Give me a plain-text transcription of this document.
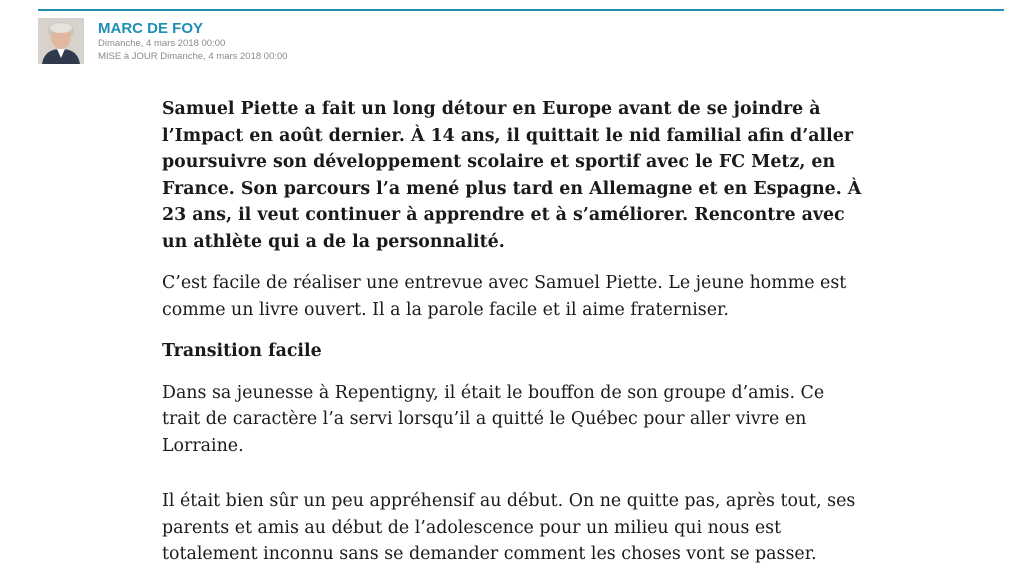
MARC DE FOY
Dimanche, 4 mars 2018 00:00
MISE à JOUR Dimanche, 4 mars 2018 00:00

Samuel Piette a fait un long détour en Europe avant de se joindre à l’Impact en août dernier. À 14 ans, il quittait le nid familial afin d’aller poursuivre son développement scolaire et sportif avec le FC Metz, en France. Son parcours l’a mené plus tard en Allemagne et en Espagne. À 23 ans, il veut continuer à apprendre et à s’améliorer. Rencontre avec un athlète qui a de la personnalité.

C’est facile de réaliser une entrevue avec Samuel Piette. Le jeune homme est comme un livre ouvert. Il a la parole facile et il aime fraterniser.

Transition facile

Dans sa jeunesse à Repentigny, il était le bouffon de son groupe d’amis. Ce trait de caractère l’a servi lorsqu’il a quitté le Québec pour aller vivre en Lorraine.

Il était bien sûr un peu appréhensif au début. On ne quitte pas, après tout, ses parents et amis au début de l’adolescence pour un milieu qui nous est totalement inconnu sans se demander comment les choses vont se passer.
